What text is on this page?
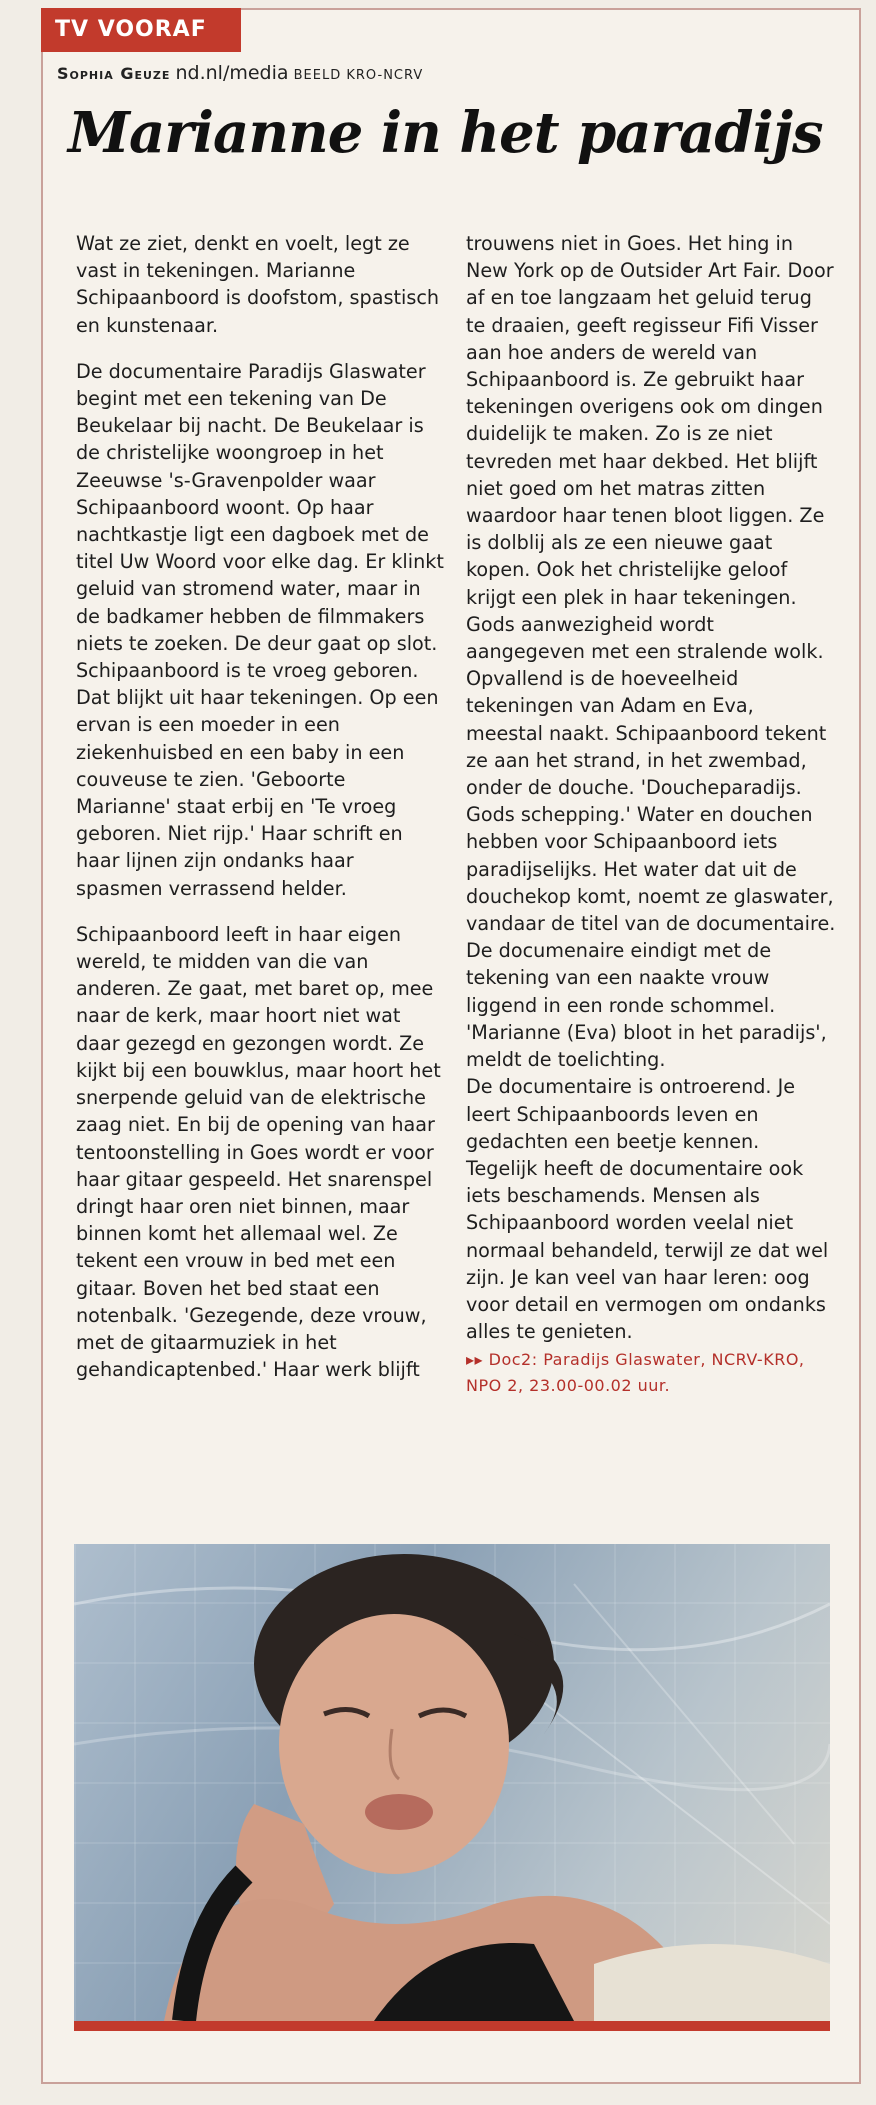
TV VOORAF
Sophia Geuze nd.nl/media BEELD KRO-NCRV
Marianne in het paradijs

Wat ze ziet, denkt en voelt, legt ze vast in tekeningen. Marianne Schipaanboord is doofstom, spastisch en kunstenaar.

De documentaire Paradijs Glaswater begint met een tekening van De Beukelaar bij nacht. De Beukelaar is de christelijke woongroep in het Zeeuwse 's-Gravenpolder waar Schipaanboord woont. Op haar nachtkastje ligt een dagboek met de titel Uw Woord voor elke dag. Er klinkt geluid van stromend water, maar in de badkamer hebben de filmmakers niets te zoeken. De deur gaat op slot. Schipaanboord is te vroeg geboren. Dat blijkt uit haar tekeningen. Op een ervan is een moeder in een ziekenhuisbed en een baby in een couveuse te zien. 'Geboorte Marianne' staat erbij en 'Te vroeg geboren. Niet rijp.' Haar schrift en haar lijnen zijn ondanks haar spasmen verrassend helder.

Schipaanboord leeft in haar eigen wereld, te midden van die van anderen. Ze gaat, met baret op, mee naar de kerk, maar hoort niet wat daar gezegd en gezongen wordt. Ze kijkt bij een bouwklus, maar hoort het snerpende geluid van de elektrische zaag niet. En bij de opening van haar tentoonstelling in Goes wordt er voor haar gitaar gespeeld. Het snarenspel dringt haar oren niet binnen, maar binnen komt het allemaal wel. Ze tekent een vrouw in bed met een gitaar. Boven het bed staat een notenbalk. 'Gezegende, deze vrouw, met de gitaarmuziek in het gehandicaptenbed.' Haar werk blijft

trouwens niet in Goes. Het hing in New York op de Outsider Art Fair. Door af en toe langzaam het geluid terug te draaien, geeft regisseur Fifi Visser aan hoe anders de wereld van Schipaanboord is. Ze gebruikt haar tekeningen overigens ook om dingen duidelijk te maken. Zo is ze niet tevreden met haar dekbed. Het blijft niet goed om het matras zitten waardoor haar tenen bloot liggen. Ze is dolblij als ze een nieuwe gaat kopen. Ook het christelijke geloof krijgt een plek in haar tekeningen. Gods aanwezigheid wordt aangegeven met een stralende wolk. Opvallend is de hoeveelheid tekeningen van Adam en Eva, meestal naakt. Schipaanboord tekent ze aan het strand, in het zwembad, onder de douche. 'Doucheparadijs. Gods schepping.' Water en douchen hebben voor Schipaanboord iets paradijselijks. Het water dat uit de douchekop komt, noemt ze glaswater, vandaar de titel van de documentaire.

De documenaire eindigt met de tekening van een naakte vrouw liggend in een ronde schommel. 'Marianne (Eva) bloot in het paradijs', meldt de toelichting.

De documentaire is ontroerend. Je leert Schipaanboords leven en gedachten een beetje kennen. Tegelijk heeft de documentaire ook iets beschamends. Mensen als Schipaanboord worden veelal niet normaal behandeld, terwijl ze dat wel zijn. Je kan veel van haar leren: oog voor detail en vermogen om ondanks alles te genieten.

▸▸ Doc2: Paradijs Glaswater, NCRV-KRO, NPO 2, 23.00-00.02 uur.
